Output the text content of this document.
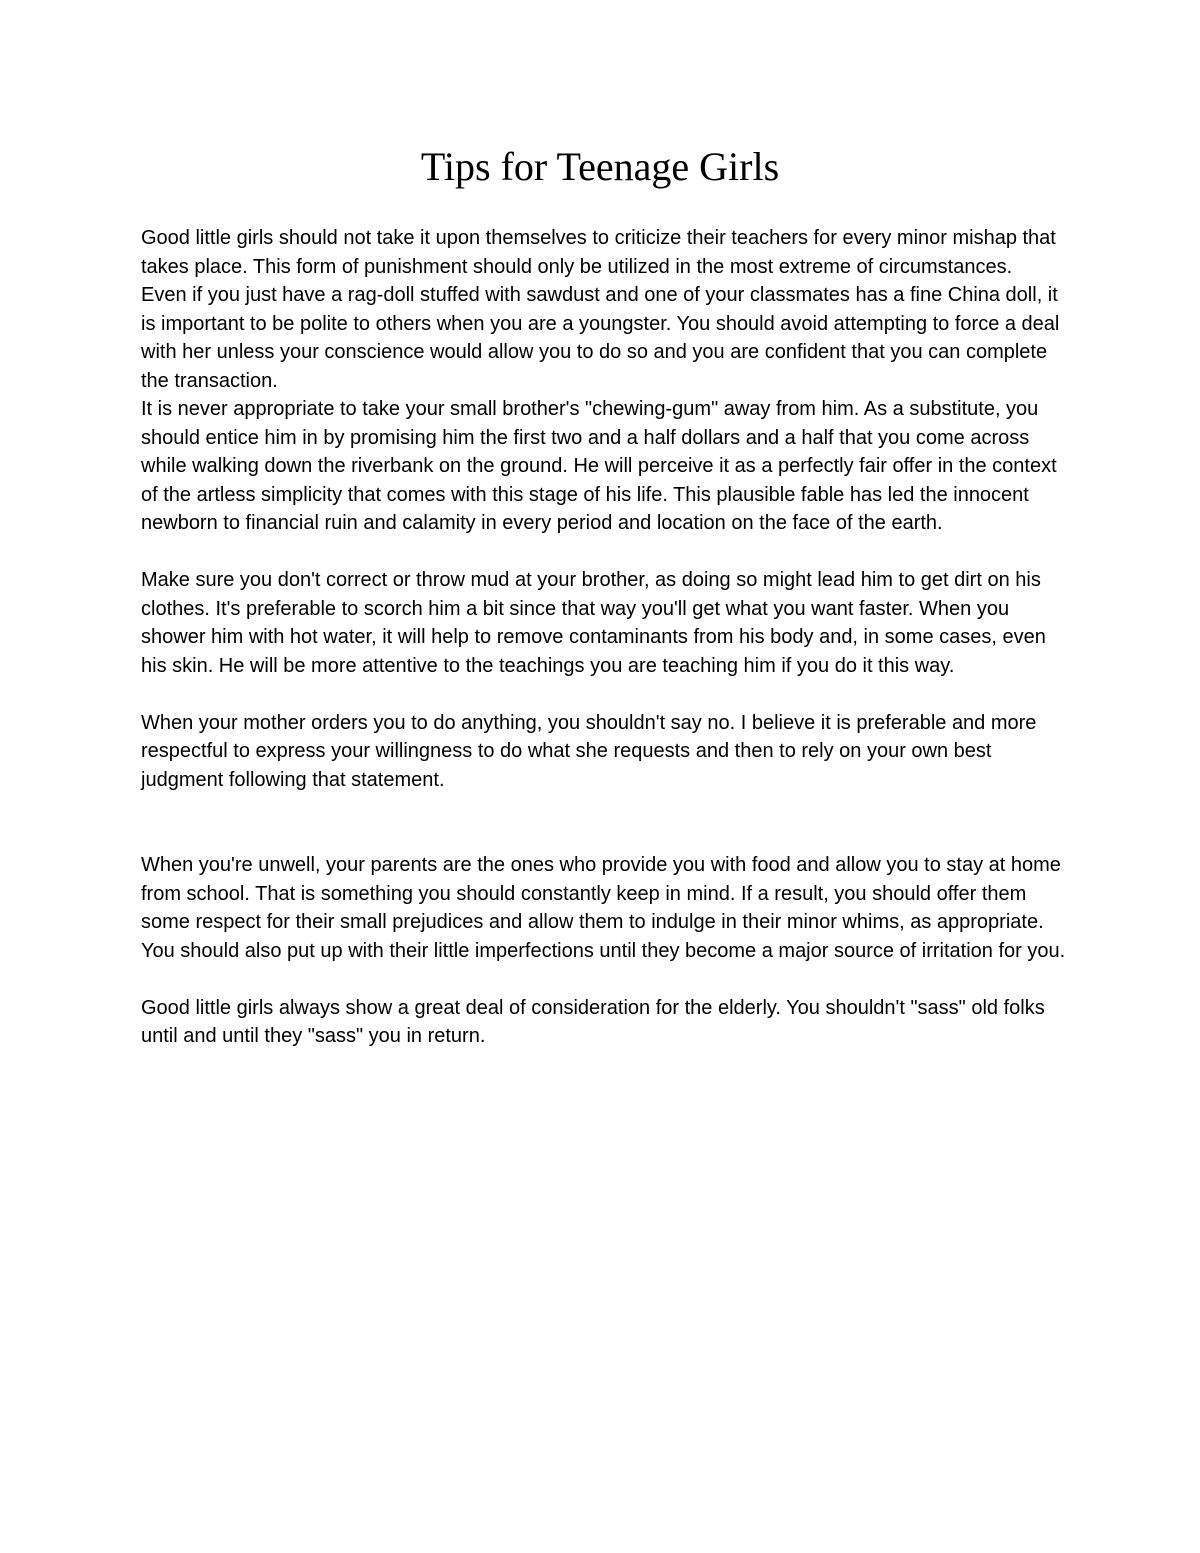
Tips for Teenage Girls

Good little girls should not take it upon themselves to criticize their teachers for every minor mishap that takes place. This form of punishment should only be utilized in the most extreme of circumstances.

Even if you just have a rag-doll stuffed with sawdust and one of your classmates has a fine China doll, it is important to be polite to others when you are a youngster. You should avoid attempting to force a deal with her unless your conscience would allow you to do so and you are confident that you can complete the transaction.

It is never appropriate to take your small brother's "chewing-gum" away from him. As a substitute, you should entice him in by promising him the first two and a half dollars and a half that you come across while walking down the riverbank on the ground. He will perceive it as a perfectly fair offer in the context of the artless simplicity that comes with this stage of his life. This plausible fable has led the innocent newborn to financial ruin and calamity in every period and location on the face of the earth.

Make sure you don't correct or throw mud at your brother, as doing so might lead him to get dirt on his clothes. It's preferable to scorch him a bit since that way you'll get what you want faster. When you shower him with hot water, it will help to remove contaminants from his body and, in some cases, even his skin. He will be more attentive to the teachings you are teaching him if you do it this way.

When your mother orders you to do anything, you shouldn't say no. I believe it is preferable and more respectful to express your willingness to do what she requests and then to rely on your own best judgment following that statement.

When you're unwell, your parents are the ones who provide you with food and allow you to stay at home from school. That is something you should constantly keep in mind. If a result, you should offer them some respect for their small prejudices and allow them to indulge in their minor whims, as appropriate. You should also put up with their little imperfections until they become a major source of irritation for you.

Good little girls always show a great deal of consideration for the elderly. You shouldn't "sass" old folks until and until they "sass" you in return.
